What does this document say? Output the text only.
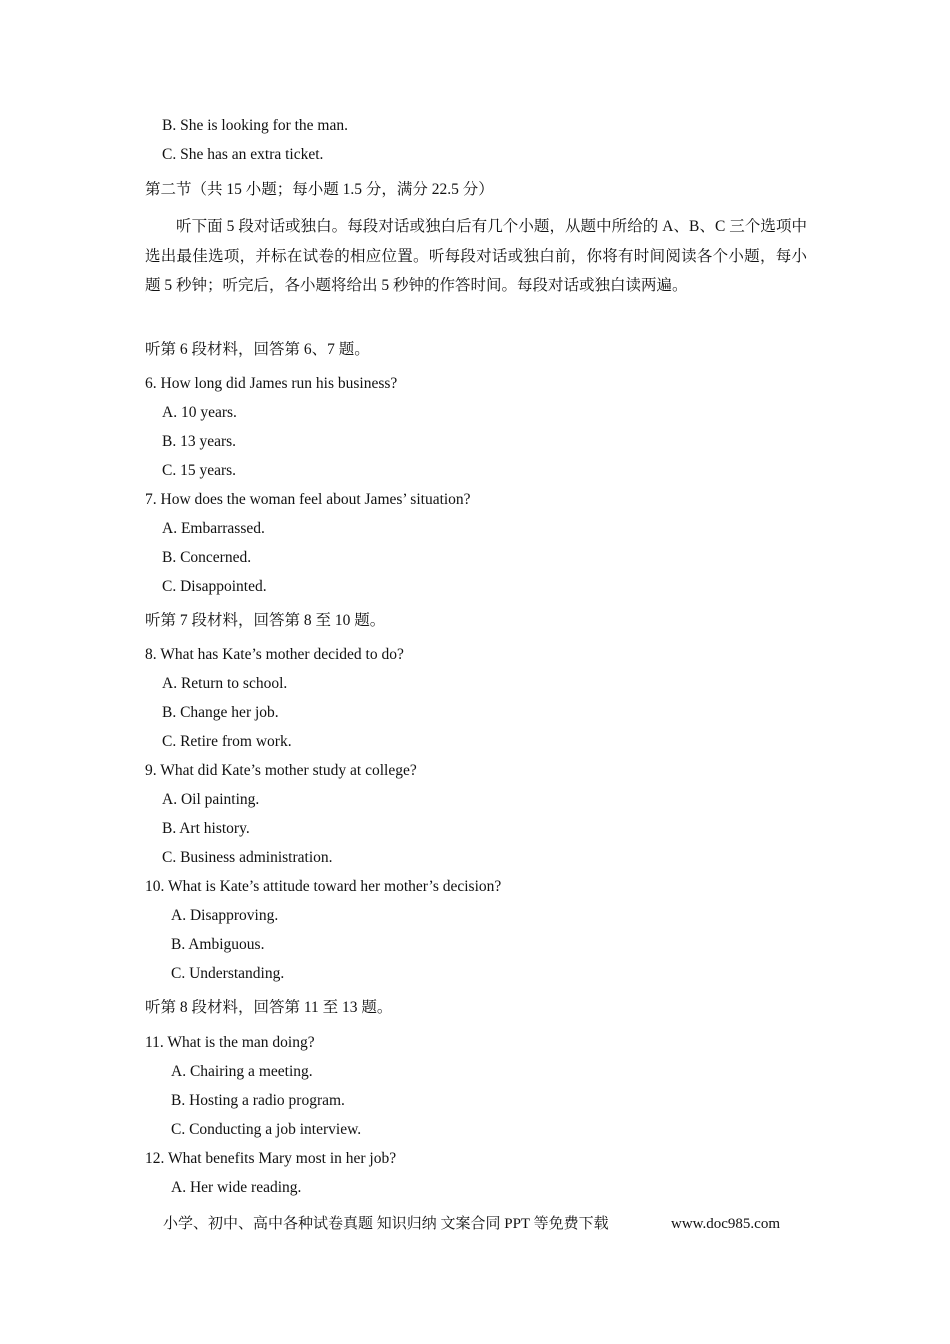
B. She is looking for the man.
C. She has an extra ticket.
第二节（共 15 小题；每小题 1.5 分，满分 22.5 分）
听下面 5 段对话或独白。每段对话或独白后有几个小题，从题中所给的 A、B、C 三个选项中选出最佳选项，并标在试卷的相应位置。听每段对话或独白前，你将有时间阅读各个小题，每小题 5 秒钟；听完后，各小题将给出 5 秒钟的作答时间。每段对话或独白读两遍。
听第 6 段材料，回答第 6、7 题。
6. How long did James run his business?
A. 10 years.
B. 13 years.
C. 15 years.
7. How does the woman feel about James’ situation?
A. Embarrassed.
B. Concerned.
C. Disappointed.
听第 7 段材料，回答第 8 至 10 题。
8. What has Kate’s mother decided to do?
A. Return to school.
B. Change her job.
C. Retire from work.
9. What did Kate’s mother study at college?
A. Oil painting.
B. Art history.
C. Business administration.
10. What is Kate’s attitude toward her mother’s decision?
A. Disapproving.
B. Ambiguous.
C. Understanding.
听第 8 段材料，回答第 11 至 13 题。
11. What is the man doing?
A. Chairing a meeting.
B. Hosting a radio program.
C. Conducting a job interview.
12. What benefits Mary most in her job?
A. Her wide reading.
小学、初中、高中各种试卷真题 知识归纳 文案合同 PPT 等免费下载	www.doc985.com
